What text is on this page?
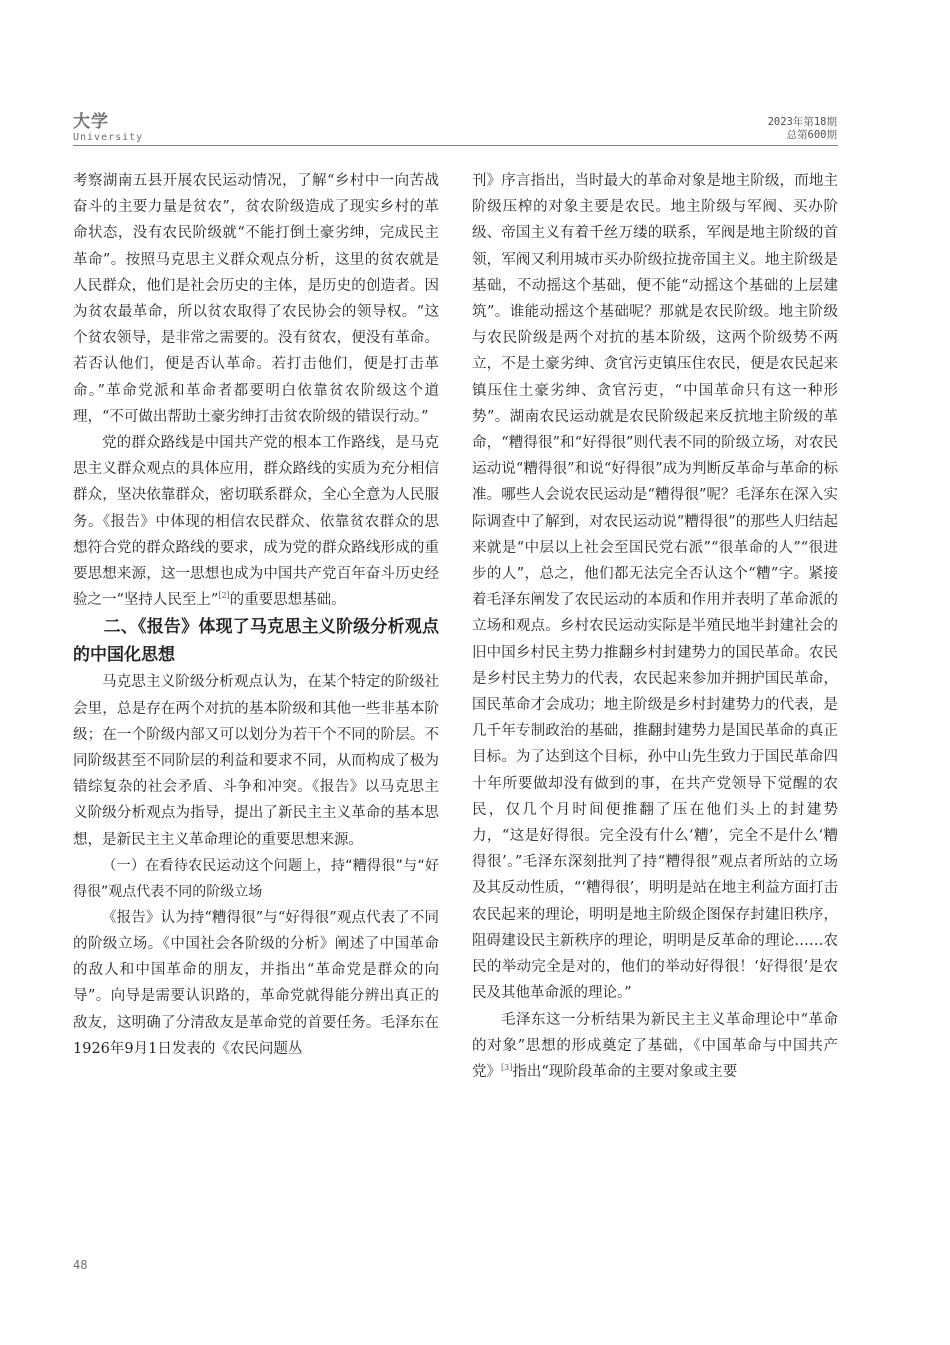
大学
University
2023年第18期
总第600期

考察湖南五县开展农民运动情况，了解“乡村中一向苦战奋斗的主要力量是贫农”，贫农阶级造成了现实乡村的革命状态，没有农民阶级就“不能打倒土豪劣绅，完成民主革命”。按照马克思主义群众观点分析，这里的贫农就是人民群众，他们是社会历史的主体，是历史的创造者。因为贫农最革命，所以贫农取得了农民协会的领导权。“这个贫农领导，是非常之需要的。没有贫农，便没有革命。若否认他们，便是否认革命。若打击他们，便是打击革命。”革命党派和革命者都要明白依靠贫农阶级这个道理，“不可做出帮助土豪劣绅打击贫农阶级的错误行动。”

党的群众路线是中国共产党的根本工作路线，是马克思主义群众观点的具体应用，群众路线的实质为充分相信群众，坚决依靠群众，密切联系群众，全心全意为人民服务。《报告》中体现的相信农民群众、依靠贫农群众的思想符合党的群众路线的要求，成为党的群众路线形成的重要思想来源，这一思想也成为中国共产党百年奋斗历史经验之一“坚持人民至上”[2]的重要思想基础。

二、《报告》体现了马克思主义阶级分析观点的中国化思想

马克思主义阶级分析观点认为，在某个特定的阶级社会里，总是存在两个对抗的基本阶级和其他一些非基本阶级；在一个阶级内部又可以划分为若干个不同的阶层。不同阶级甚至不同阶层的利益和要求不同，从而构成了极为错综复杂的社会矛盾、斗争和冲突。《报告》以马克思主义阶级分析观点为指导，提出了新民主主义革命的基本思想，是新民主主义革命理论的重要思想来源。

（一）在看待农民运动这个问题上，持“糟得很”与“好得很”观点代表不同的阶级立场

《报告》认为持“糟得很”与“好得很”观点代表了不同的阶级立场。《中国社会各阶级的分析》阐述了中国革命的敌人和中国革命的朋友，并指出“革命党是群众的向导”。向导是需要认识路的，革命党就得能分辨出真正的敌友，这明确了分清敌友是革命党的首要任务。毛泽东在1926年9月1日发表的《农民问题丛

刊》序言指出，当时最大的革命对象是地主阶级，而地主阶级压榨的对象主要是农民。地主阶级与军阀、买办阶级、帝国主义有着千丝万缕的联系，军阀是地主阶级的首领，军阀又利用城市买办阶级拉拢帝国主义。地主阶级是基础，不动摇这个基础，便不能“动摇这个基础的上层建筑”。谁能动摇这个基础呢？那就是农民阶级。地主阶级与农民阶级是两个对抗的基本阶级，这两个阶级势不两立，不是土豪劣绅、贪官污吏镇压住农民，便是农民起来镇压住土豪劣绅、贪官污吏，“中国革命只有这一种形势”。湖南农民运动就是农民阶级起来反抗地主阶级的革命，“糟得很”和“好得很”则代表不同的阶级立场，对农民运动说“糟得很”和说“好得很”成为判断反革命与革命的标准。哪些人会说农民运动是“糟得很”呢？毛泽东在深入实际调查中了解到，对农民运动说“糟得很”的那些人归结起来就是“中层以上社会至国民党右派”“很革命的人”“很进步的人”，总之，他们都无法完全否认这个“糟”字。紧接着毛泽东阐发了农民运动的本质和作用并表明了革命派的立场和观点。乡村农民运动实际是半殖民地半封建社会的旧中国乡村民主势力推翻乡村封建势力的国民革命。农民是乡村民主势力的代表，农民起来参加并拥护国民革命，国民革命才会成功；地主阶级是乡村封建势力的代表，是几千年专制政治的基础，推翻封建势力是国民革命的真正目标。为了达到这个目标，孙中山先生致力于国民革命四十年所要做却没有做到的事，在共产党领导下觉醒的农民，仅几个月时间便推翻了压在他们头上的封建势力，“这是好得很。完全没有什么‘糟’，完全不是什么‘糟得很’。”毛泽东深刻批判了持“糟得很”观点者所站的立场及其反动性质，“‘糟得很’，明明是站在地主利益方面打击农民起来的理论，明明是地主阶级企图保存封建旧秩序，阻碍建设民主新秩序的理论，明明是反革命的理论……农民的举动完全是对的，他们的举动好得很！‘好得很’是农民及其他革命派的理论。”

毛泽东这一分析结果为新民主主义革命理论中“革命的对象”思想的形成奠定了基础，《中国革命与中国共产党》[3]指出“现阶段革命的主要对象或主要

48
